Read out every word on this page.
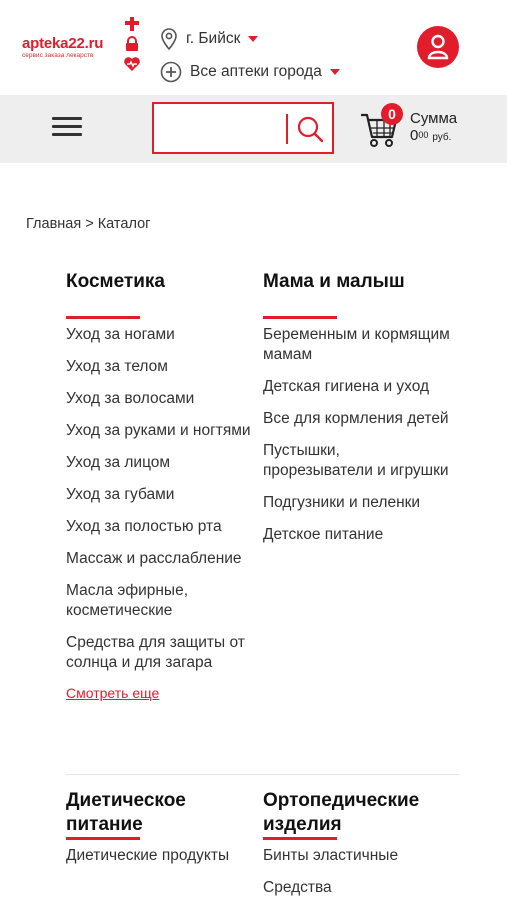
apteka22.ru
сервис заказа лекарств
г. Бийск
Все аптеки города
0 Сумма
$0^{00}$ руб.
Главная > Каталог
Косметика
Уход за ногами
Уход за телом
Уход за волосами
Уход за руками и ногтями
Уход за лицом
Уход за губами
Уход за полостью рта
Массаж и расслабление
Масла эфирные, косметические
Средства для защиты от солнца и для загара
Смотреть еще
Мама и малыш
Беременным и кормящим мамам
Детская гигиена и уход
Все для кормления детей
Пустышки, прорезыватели и игрушки
Подгузники и пеленки
Детское питание
Диетическое питание
Диетические продукты
Ортопедические изделия
Бинты эластичные
Средства
